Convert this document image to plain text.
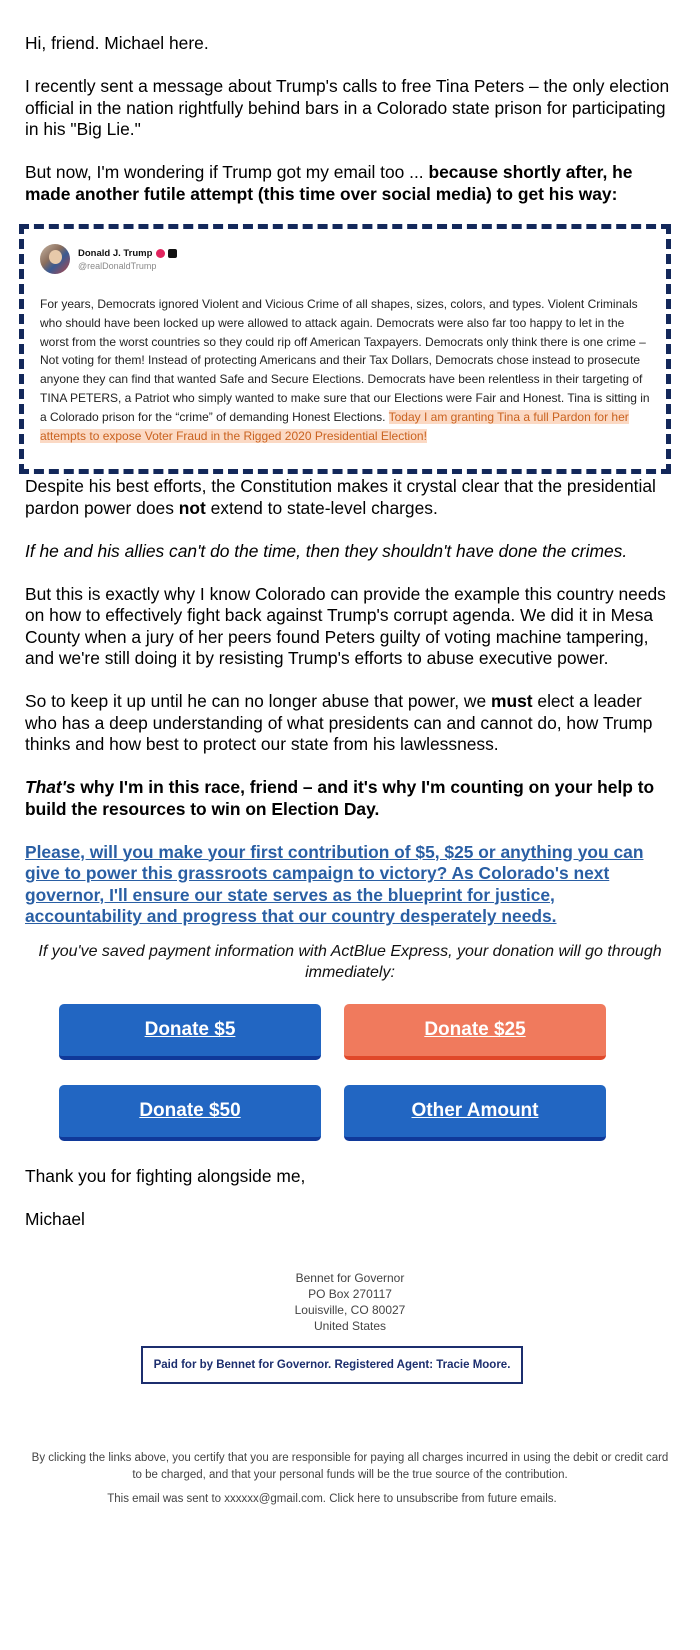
Hi, friend. Michael here.

I recently sent a message about Trump's calls to free Tina Peters – the only election official in the nation rightfully behind bars in a Colorado state prison for participating in his "Big Lie."

But now, I'm wondering if Trump got my email too ... because shortly after, he made another futile attempt (this time over social media) to get his way:

Donald J. Trump
@realDonaldTrump
For years, Democrats ignored Violent and Vicious Crime of all shapes, sizes, colors, and types. Violent Criminals who should have been locked up were allowed to attack again. Democrats were also far too happy to let in the worst from the worst countries so they could rip off American Taxpayers. Democrats only think there is one crime – Not voting for them! Instead of protecting Americans and their Tax Dollars, Democrats chose instead to prosecute anyone they can find that wanted Safe and Secure Elections. Democrats have been relentless in their targeting of TINA PETERS, a Patriot who simply wanted to make sure that our Elections were Fair and Honest. Tina is sitting in a Colorado prison for the “crime” of demanding Honest Elections. Today I am granting Tina a full Pardon for her attempts to expose Voter Fraud in the Rigged 2020 Presidential Election!

Despite his best efforts, the Constitution makes it crystal clear that the presidential pardon power does not extend to state-level charges.

If he and his allies can't do the time, then they shouldn't have done the crimes.

But this is exactly why I know Colorado can provide the example this country needs on how to effectively fight back against Trump's corrupt agenda. We did it in Mesa County when a jury of her peers found Peters guilty of voting machine tampering, and we're still doing it by resisting Trump's efforts to abuse executive power.

So to keep it up until he can no longer abuse that power, we must elect a leader who has a deep understanding of what presidents can and cannot do, how Trump thinks and how best to protect our state from his lawlessness.

That's why I'm in this race, friend – and it's why I'm counting on your help to build the resources to win on Election Day.

Please, will you make your first contribution of $5, $25 or anything you can give to power this grassroots campaign to victory? As Colorado's next governor, I'll ensure our state serves as the blueprint for justice, accountability and progress that our country desperately needs.

If you've saved payment information with ActBlue Express, your donation will go through immediately:
Donate $5	Donate $25
Donate $50	Other Amount

Thank you for fighting alongside me,

Michael

Bennet for Governor
PO Box 270117
Louisville, CO 80027
United States
Paid for by Bennet for Governor. Registered Agent: Tracie Moore.
By clicking the links above, you certify that you are responsible for paying all charges incurred in using the debit or credit card to be charged, and that your personal funds will be the true source of the contribution.
This email was sent to xxxxxx@gmail.com. Click here to unsubscribe from future emails.
